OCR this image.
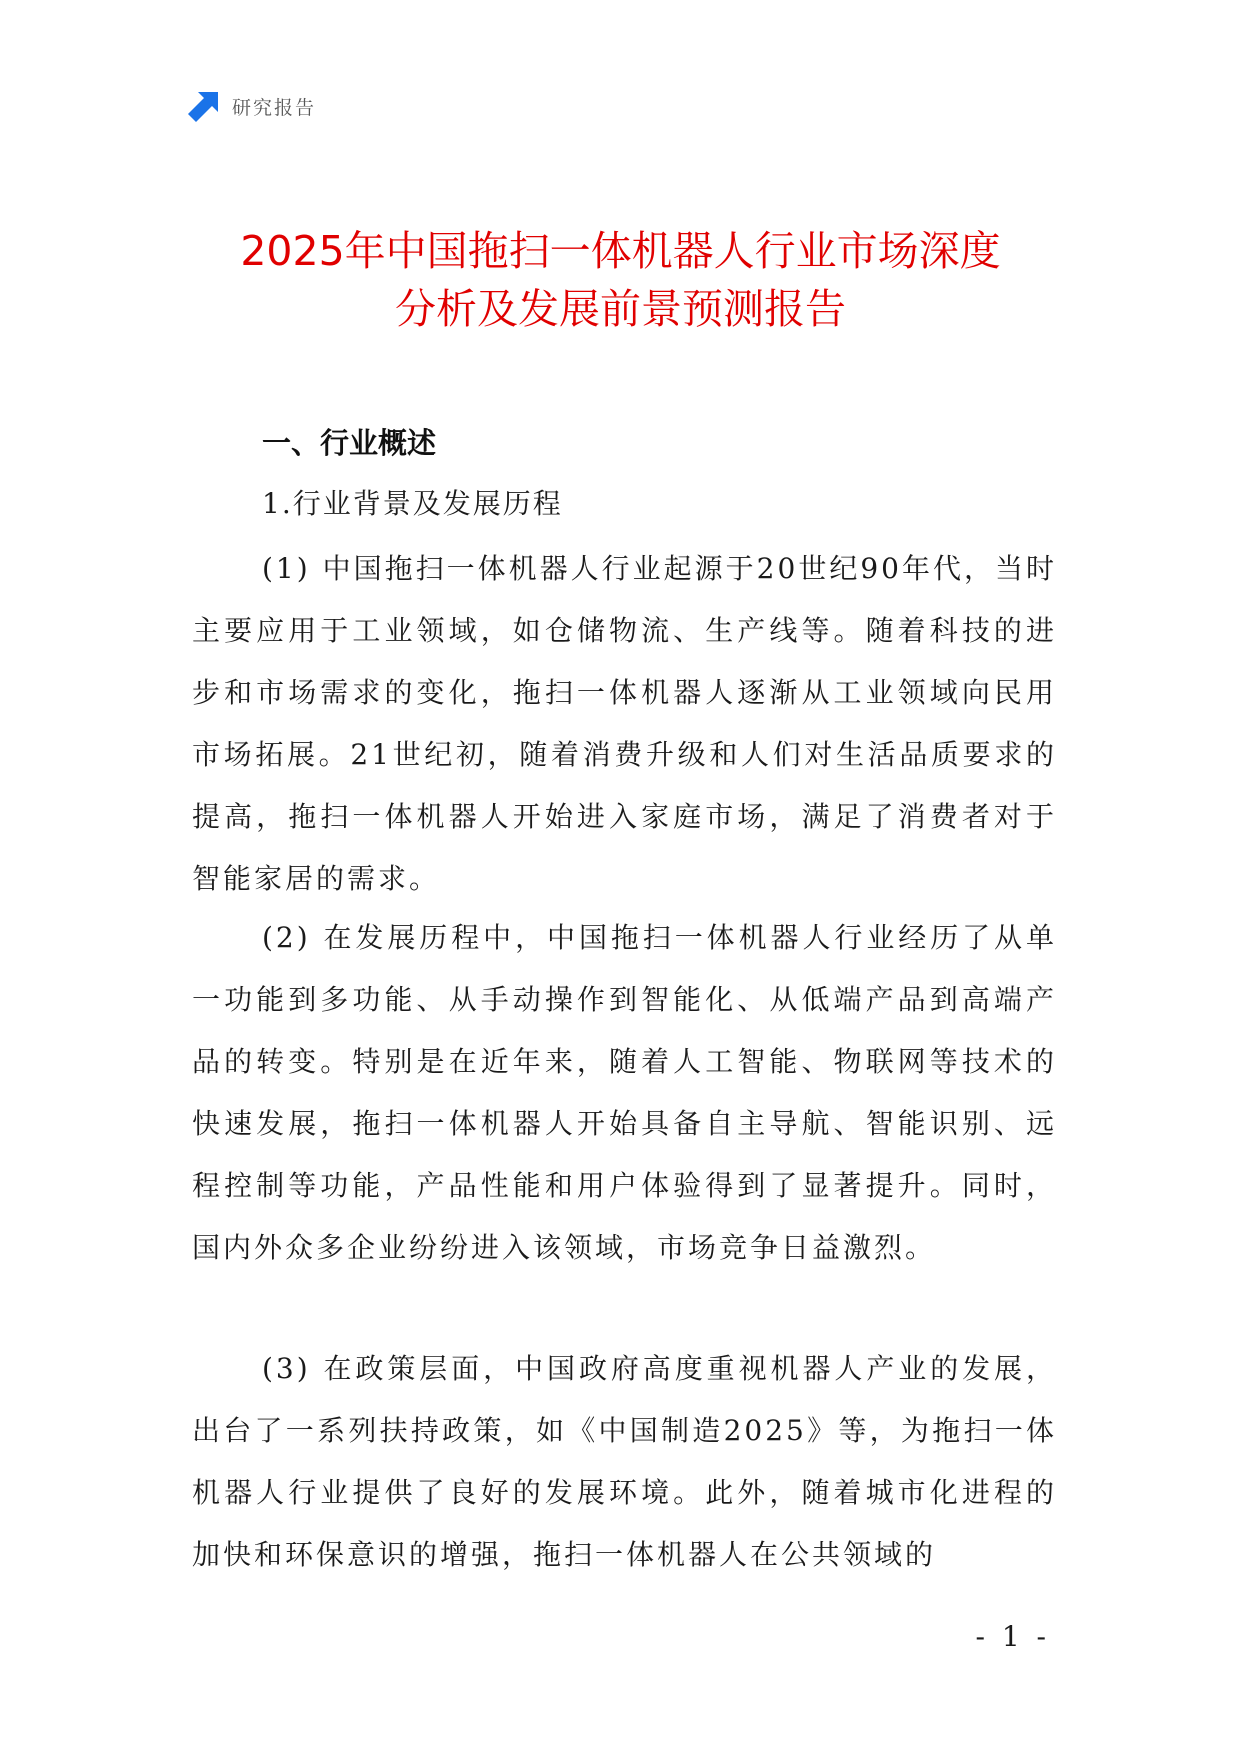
研究报告
2025年中国拖扫一体机器人行业市场深度
分析及发展前景预测报告
一、行业概述
1.行业背景及发展历程

(1) 中国拖扫一体机器人行业起源于20世纪90年代，当时主要应用于工业领域，如仓储物流、生产线等。随着科技的进步和市场需求的变化，拖扫一体机器人逐渐从工业领域向民用市场拓展。21世纪初，随着消费升级和人们对生活品质要求的提高，拖扫一体机器人开始进入家庭市场，满足了消费者对于智能家居的需求。

(2) 在发展历程中，中国拖扫一体机器人行业经历了从单一功能到多功能、从手动操作到智能化、从低端产品到高端产品的转变。特别是在近年来，随着人工智能、物联网等技术的快速发展，拖扫一体机器人开始具备自主导航、智能识别、远程控制等功能，产品性能和用户体验得到了显著提升。同时，国内外众多企业纷纷进入该领域，市场竞争日益激烈。

(3) 在政策层面，中国政府高度重视机器人产业的发展，出台了一系列扶持政策，如《中国制造2025》等，为拖扫一体机器人行业提供了良好的发展环境。此外，随着城市化进程的加快和环保意识的增强，拖扫一体机器人在公共领域的

- 1 -
